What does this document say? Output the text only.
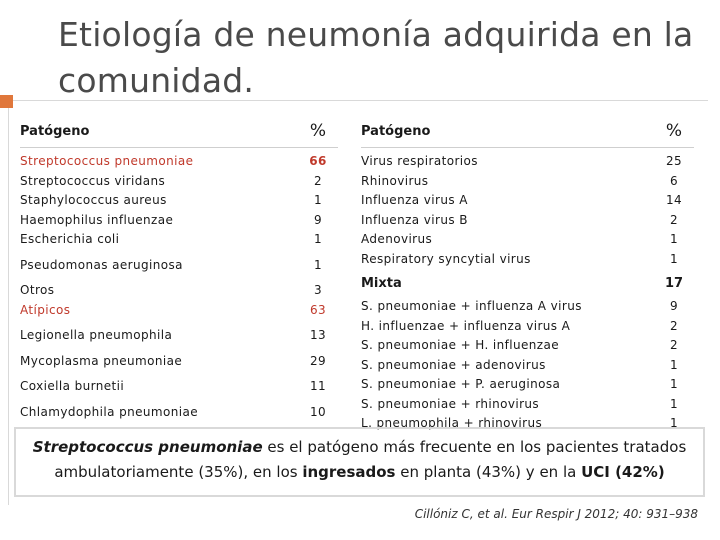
Etiología de neumonía adquirida en la comunidad.
Patógeno	%
Streptococcus pneumoniae	66
Streptococcus viridans	2
Staphylococcus aureus	1
Haemophilus influenzae	9
Escherichia coli	1
Pseudomonas aeruginosa	1
Otros	3
Atípicos	63
Legionella pneumophila	13
Mycoplasma pneumoniae	29
Coxiella burnetii	11
Chlamydophila pneumoniae	10
Patógeno	%
Virus respiratorios	25
Rhinovirus	6
Influenza virus A	14
Influenza virus B	2
Adenovirus	1
Respiratory syncytial virus	1
Mixta	17
S. pneumoniae + influenza A virus	9
H. influenzae + influenza virus A	2
S. pneumoniae + H. influenzae	2
S. pneumoniae + adenovirus	1
S. pneumoniae + P. aeruginosa	1
S. pneumoniae + rhinovirus	1
L. pneumophila + rhinovirus	1
Streptococcus pneumoniae es el patógeno más frecuente en los pacientes tratados ambulatoriamente (35%), en los ingresados en planta (43%) y en la UCI (42%)
Cillóniz C, et al. Eur Respir J 2012; 40: 931–938
